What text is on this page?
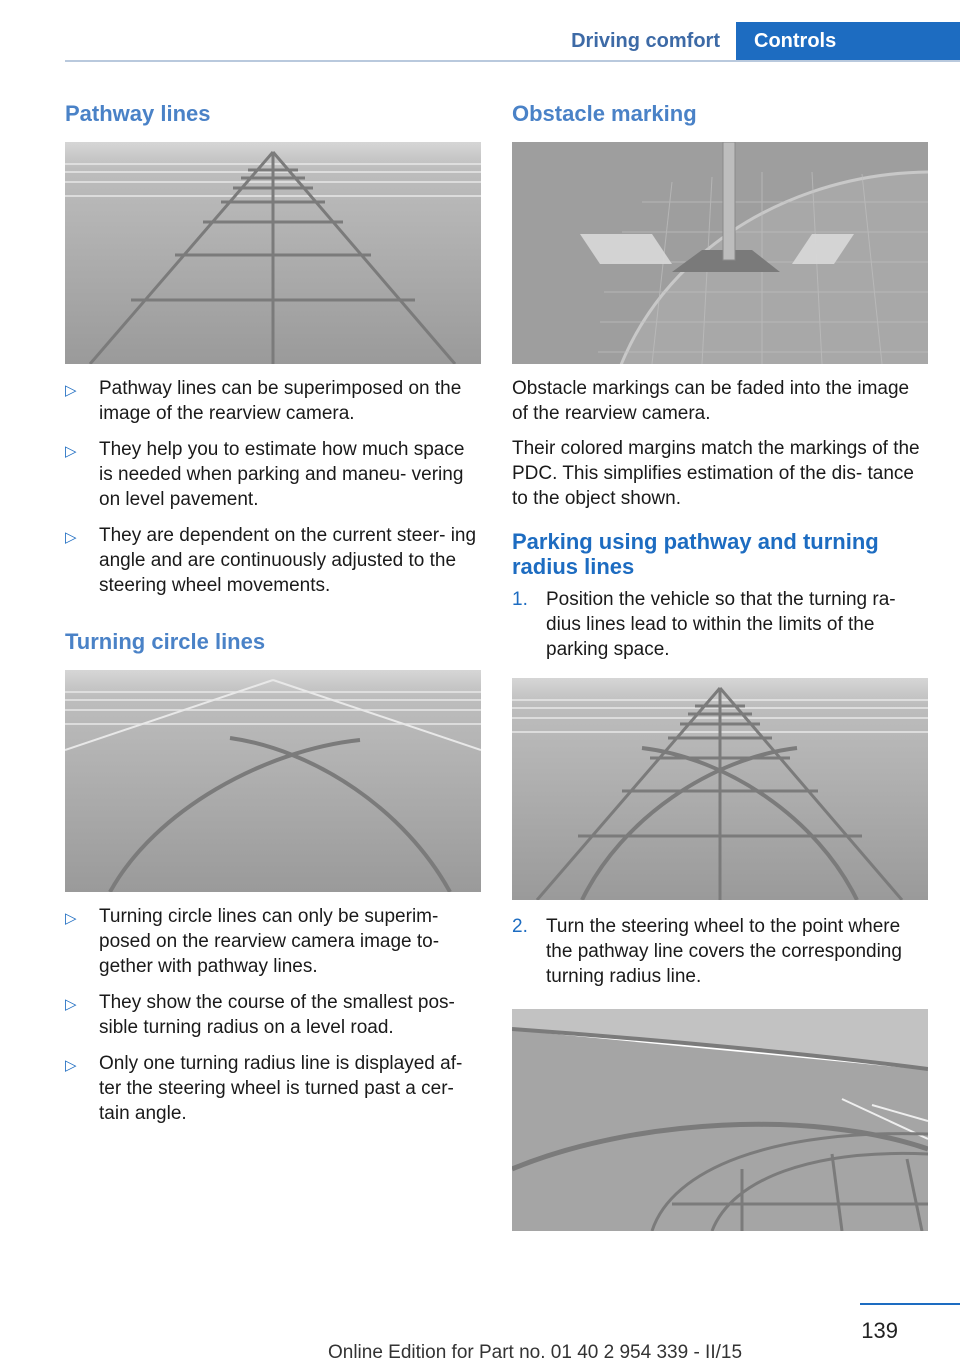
Driving comfort	Controls
Pathway lines
▷ Pathway lines can be superimposed on the image of the rearview camera.
▷ They help you to estimate how much space is needed when parking and maneu‐ vering on level pavement.
▷ They are dependent on the current steer‐ ing angle and are continuously adjusted to the steering wheel movements.
Turning circle lines
▷ Turning circle lines can only be superim‐ posed on the rearview camera image to‐ gether with pathway lines.
▷ They show the course of the smallest pos‐ sible turning radius on a level road.
▷ Only one turning radius line is displayed af‐ ter the steering wheel is turned past a cer‐ tain angle.
Obstacle marking

Obstacle markings can be faded into the image of the rearview camera.

Their colored margins match the markings of the PDC. This simplifies estimation of the dis‐ tance to the object shown.

Parking using pathway and turning radius lines
1. Position the vehicle so that the turning ra‐ dius lines lead to within the limits of the parking space.
2. Turn the steering wheel to the point where the pathway line covers the corresponding turning radius line.
139
Online Edition for Part no. 01 40 2 954 339 - II/15
